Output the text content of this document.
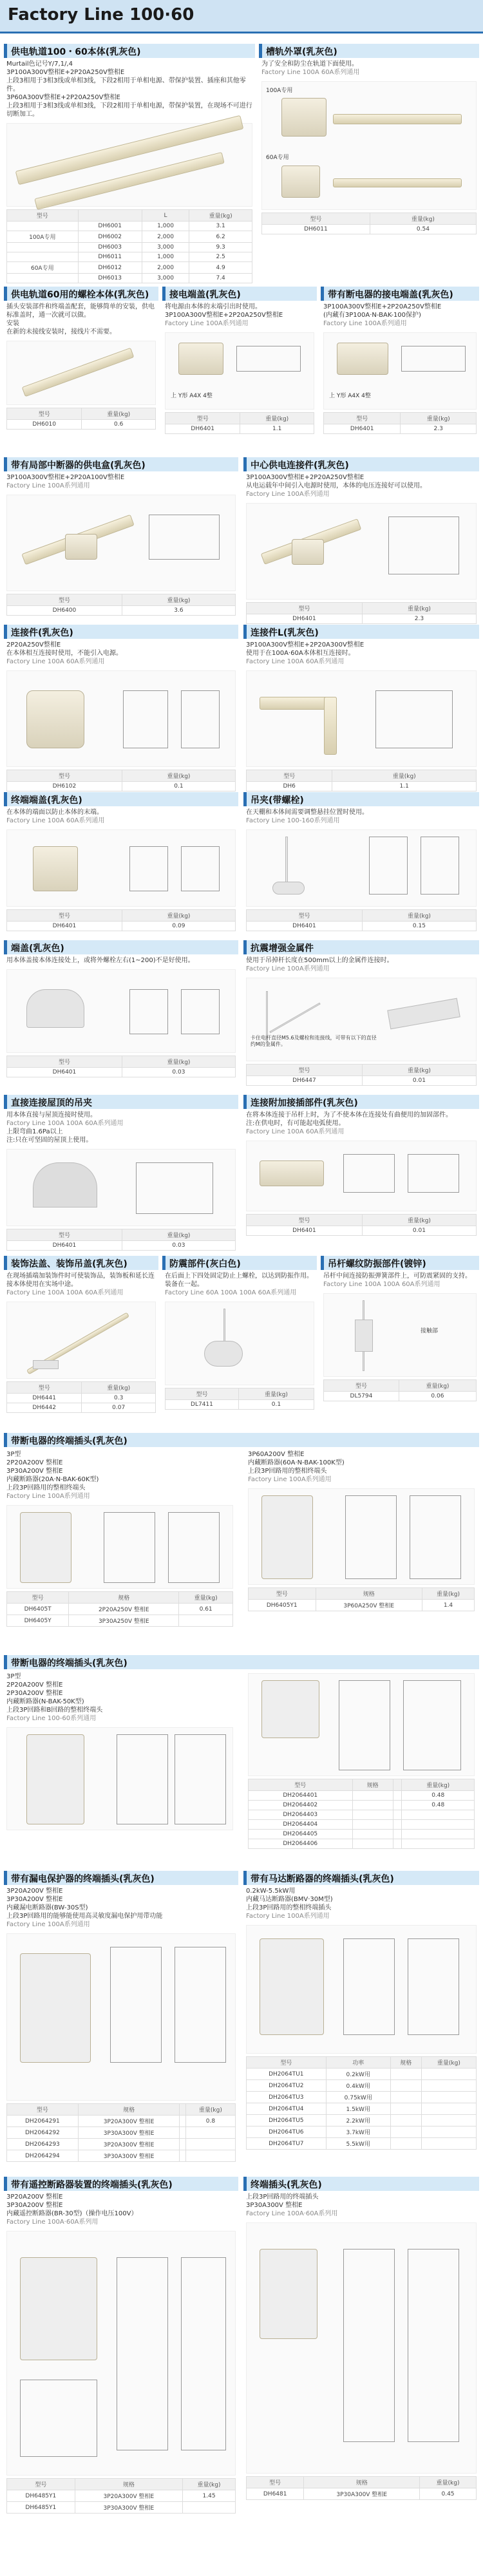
Factory Line 100·60
供电轨道100・60本体(乳灰色)
Murtail色记号Y/7,1/,4
3P100A300V整相E+2P20A250V整相E
上段3相用于3相3线或单相3线，下段2相用于单相电源、带保护装置、插座和其他零件。
3P60A300V整相E+2P20A250V整相E
上段3相用于3相3线或单相3线，下段2相用于单相电源，带保护装置，在现场不可进行切断加工。
型号		L	重量(kg)
	DH6001	1,000	3.1
100A专用	DH6002	2,000	6.2
	DH6003	3,000	9.3
	DH6011	1,000	2.5
60A专用	DH6012	2,000	4.9
	DH6013	3,000	7.4
槽轨外罩(乳灰色)
为了安全和防尘在轨道下面使用。
Factory Line 100A 60A系列通用
100A专用
60A专用
型号	重量(kg)
DH6011	0.54
供电轨道60用的螺栓本体(乳灰色)
插头安装部件和终端盖配套，能够简单的安装，供电
标准盖时，通一次就可以做。
安装
在新的未接线安装时，接线片不需要。
型号	重量(kg)
DH6010	0.6
接电端盖(乳灰色)
将电源由本体的末端引出时使用。
3P100A300V整相E+2P20A250V整相E
Factory Line 100A系列通用
上 Y形 A4X 4整
型号	重量(kg)
DH6401	1.1
带有断电器的接电端盖(乳灰色)
3P100A300V整相E+2P20A250V整相E
(内藏有3P100A·N-BAK-100保护)
Factory Line 100A系列通用
上 Y形 A4X 4整
型号	重量(kg)
DH6401	2.3
带有局部中断器的供电盒(乳灰色)
3P100A300V整相E+2P20A100V整相E
Factory Line 100A系列通用
型号	重量(kg)
DH6400	3.6
中心供电连接件(乳灰色)
3P100A300V整相E+2P20A250V整相E
从电运载年中间引入电源时使用，本体的电压连接好可以使用。
Factory Line 100A系列通用
型号	重量(kg)
DH6401	2.3
连接件(乳灰色)
2P20A250V整相E
在本体相互连接时使用，不能引入电源。
Factory Line 100A 60A系列通用
型号	重量(kg)
DH6102	0.1
连接件L(乳灰色)
3P100A300V整相E+2P20A300V整相E
使用于在100A·60A本体相互连接时。
Factory Line 100A 60A系列通用
型号	重量(kg)
DH6	1.1
终端端盖(乳灰色)
在本体的端面以防止本体的末端。
Factory Line 100A 60A系列通用
型号	重量(kg)
DH6401	0.09
吊夹(带螺栓)
在天棚和本体间需要调整悬挂位置时使用。
Factory Line 100-160系列通用
型号	重量(kg)
DH6401	0.15
端盖(乳灰色)
用本体盖接本体连接处上，或将外螺栓左右(1~200)不是好使用。
型号	重量(kg)
DH6401	0.03
抗震增强金属件
使用于吊掉杆长度在500mm以上的金属件连接时。
Factory Line 100A系列通用
卡住电杆直径M5.6及螺栓和连接线，可带有以下的直径约M的金属件。
型号	重量(kg)
DH6447	0.01
直接连接屋顶的吊夹
用本体直接与屋顶连接时使用。
Factory Line 100A 100A 60A系列通用
上限弯曲1.6Pa以上
注:只在可坚固的屋顶上使用。
型号	重量(kg)
DH6401	0.03
连接附加接插部件(乳灰色)
在将本体连接于吊杆上时，为了不使本体在连接处有曲便用的加固部件。
注:在供电时，有可能起电弧使用。
Factory Line 100A 60A系列通用
型号	重量(kg)
DH6401	0.01
装饰法盖、装饰吊盖(乳灰色)
在现场插端加装饰件时可使装饰品，装饰板和延长连接本体使用在实场中途。
Factory Line 100A 100A 60A系列通用
型号	重量(kg)
DH6441	0.3
DH6442	0.07
防震部件(灰白色)
在后面上下四处固定防止上螺栓，以达到防振作用。
装备在一起。
Factory Line 60A 100A 100A 60A系列通用
型号	重量(kg)
DL7411	0.1
吊杆螺纹防振部件(镀锌)
吊杆中间连接防振弹簧部件上，可防震紧固的支持。
Factory Line 100A 100A 60A系列通用
接触部
型号	重量(kg)
DL5794	0.06
带断电器的终端插头(乳灰色)
3P型
2P20A200V 整相E
3P30A200V 整相E
内藏断路器(20A·N-BAK-60K型)
上段3P回路用的整相终端头
Factory Line 100A系列通用
型号	规格	重量(kg)
DH6405T	2P20A250V 整相E	0.61
DH6405Y	3P30A250V 整相E	
3P60A200V 整相E
内藏断路器(60A·N-BAK-100K型)
上段3P回路用的整相终端头
Factory Line 100A系列通用
型号	规格	重量(kg)
DH6405Y1	3P60A250V 整相E	1.4
带断电器的终端插头(乳灰色)
3P型
2P20A200V 整相E
2P30A200V 整相E
内藏断路器(N-BAK-50K型)
上段3P回路和B回路的整相终端头
Factory Line 100-60系列通用
型号	规格		重量(kg)
DH2064401			0.48
DH2064402			0.48
DH2064403			
DH2064404			
DH2064405			
DH2064406			
带有漏电保护器的终端插头(乳灰色)
3P20A200V 整相E
3P30A200V 整相E
内藏漏电断路器(BW-30S型)
上段3P回路用的能够能使用高灵敏度漏电保护用带功能
Factory Line 100A系列通用
型号	规格		重量(kg)
DH2064291	3P20A300V 整相E		0.8
DH2064292	3P30A300V 整相E		
DH2064293	3P20A300V 整相E		
DH2064294	3P30A300V 整相E		
带有马达断路器的终端插头(乳灰色)
0.2kW-5.5kW用
内藏马达断路器(BMV·30M型)
上段3P回路用的整相终端插头
Factory Line 100A系列通用
型号	功率	规格	重量(kg)
DH2064TU1	0.2kW用		
DH2064TU2	0.4kW用		
DH2064TU3	0.75kW用		
DH2064TU4	1.5kW用		
DH2064TU5	2.2kW用		
DH2064TU6	3.7kW用		
DH2064TU7	5.5kW用		
带有遥控断路器装置的终端插头(乳灰色)
3P20A200V 整相E
3P30A200V 整相E
内藏遥控断路器(BR-30型)（操作电压100V）
Factory Line 100A·60A系列用
型号	规格	重量(kg)
DH6485Y1	3P20A300V 整相E	1.45
DH6485Y1	3P30A300V 整相E	
终端插头(乳灰色)
上段3P回路用的终端插头
3P30A300V 整相E
Factory Line 100A·60A系列用
型号	规格	重量(kg)
DH6481	3P30A300V 整相E	0.45
